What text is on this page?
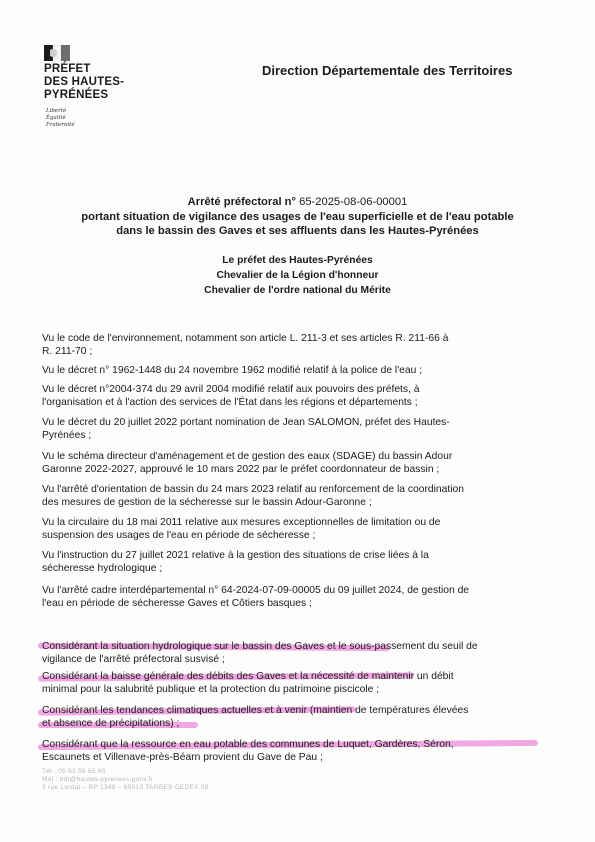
PRÉFET
DES HAUTES-
PYRÉNÉES
Liberté
Égalité
Fraternité
Direction Départementale des Territoires
Arrêté préfectoral n° 65-2025-08-06-00001
portant situation de vigilance des usages de l'eau superficielle et de l'eau potable
dans le bassin des Gaves et ses affluents dans les Hautes-Pyrénées
Le préfet des Hautes-Pyrénées
Chevalier de la Légion d'honneur
Chevalier de l'ordre national du Mérite
Vu le code de l'environnement, notamment son article L. 211-3 et ses articles R. 211-66 à
R. 211-70 ;
Vu le décret n° 1962-1448 du 24 novembre 1962 modifié relatif à la police de l'eau ;
Vu le décret n°2004-374 du 29 avril 2004 modifié relatif aux pouvoirs des préfets, à
l'organisation et à l'action des services de l'État dans les régions et départements ;
Vu le décret du 20 juillet 2022 portant nomination de Jean SALOMON, préfet des Hautes-
Pyrénées ;
Vu le schéma directeur d'aménagement et de gestion des eaux (SDAGE) du bassin Adour
Garonne 2022-2027, approuvé le 10 mars 2022 par le préfet coordonnateur de bassin ;
Vu l'arrêté d'orientation de bassin du 24 mars 2023 relatif au renforcement de la coordination
des mesures de gestion de la sécheresse sur le bassin Adour-Garonne ;
Vu la circulaire du 18 mai 2011 relative aux mesures exceptionnelles de limitation ou de
suspension des usages de l'eau en période de sécheresse ;
Vu l'instruction du 27 juillet 2021 relative à la gestion des situations de crise liées à la
sécheresse hydrologique ;
Vu l'arrêté cadre interdépartemental n° 64-2024-07-09-00005 du 09 juillet 2024, de gestion de
l'eau en période de sécheresse Gaves et Côtiers basques ;
Considérant la situation hydrologique sur le bassin des Gaves et le sous-passement du seuil de
vigilance de l'arrêté préfectoral susvisé ;
Considérant la baisse générale des débits des Gaves et la nécessité de maintenir un débit
minimal pour la salubrité publique et la protection du patrimoine piscicole ;
Considérant les tendances climatiques actuelles et à venir (maintien de températures élevées
et absence de précipitations) ;
Considérant que la ressource en eau potable des communes de Luquet, Gardères, Séron,
Escaunets et Villenave-près-Béarn provient du Gave de Pau ;
Tél : 05 62 56 65 65
Mél : ddt@hautes-pyrenees.gouv.fr
3 rue Lordat – BP 1349 – 65013 TARBES CEDEX 09
